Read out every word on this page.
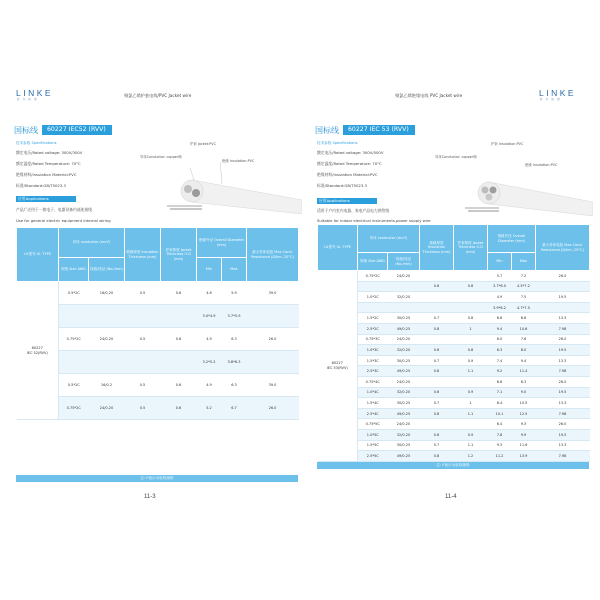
LINKE
聯 科 線 纜
聚氯乙烯护套电线/PVC Jacket wire
国标线	60227 IEC52 (RVV)
技术参数 Specifications
额定电压/Rated voltage: 300V/300V
额定温度/Rated Temperature: 70°C
绝缘材料/Insulation Material:PVC
标准/Standard:GB/T5023.3
护套 Jacket:PVC
导体Conductor: copper铜
绝缘 Insulation:PVC
应用Applications
产品广泛用于一般电子、电器设备内部连接线
Use for general electric equipment internal wiring
UL型号 UL TYPE	导体 conductor (mm²)		绝缘厚度 Insulation Thickness (mm)	护套厚度 Jacket Thickness O.D (mm)	绝缘外径 Overall Diameter (mm)		最大导体电阻 Max Cond. Resistance (Ω/km, 20°C)
	规格 Size AWG	线根/线径 (No./mm)			Min	Max	

60227
IEC 52(RVV)	0.5*2C	16/0.20	0.5	0.6	4.6	5.9	39.0
					3.0*4.9	3.7*5.9	
	0.75*2C	24/0.20	0.5	0.6	4.9	6.3	26.0
					3.2*5.2	3.8*6.3	
	0.5*2C	16/0.2	0.5	0.6	4.9	6.3	39.0
	0.75*2C	24/0.20	0.5	0.6	5.2	6.7	26.0
注: F表示为软线规格
11-3
聚氯乙烯绝缘电线 PVC Jacket wire	LINKE
聯 科 線 纜
国标线	60227 IEC 53 (RVV)
技术参数 Specifications
额定电压/Rated voltage: 300V/500V
额定温度/Rated Temperature: 70°C
绝缘材料/Insulation Material:PVC
标准/Standard:GB/T5023.3
护套 Insulation:PVC
导体Conductor: copper铜
绝缘 Insulation:PVC
应用Applications
适用于户内室内电器、家电产品电力供给线
Suitable for indoor electrical instruments,power supply wire
UL型号 UL TYPE	导体 conductor (mm²)		绝缘厚度 Insulation Thickness (mm)	护套厚度 Jacket Thickness O.D (mm)	绝缘外径 Overall Diameter (mm)		最大导体电阻 Max Cond. Resistance (Ω/km, 20°C)
	规格 Size AWG	线根/线径 (No./mm)			Min	Max	

60227
IEC 53(RVV)	0.75*2C	24/0.20			5.7	7.2	26.0
			0.6	0.8	3.7*6.0	4.5*7.2	
	1.0*2C	32/0.20			4.9	7.5	19.5
					3.9*6.2	4.7*7.5	
	1.5*2C	30/0.25	0.7	0.8	6.6	6.6	13.3
	2.5*2C	49/0.25	0.8	1	9.4	10.6	7.98
	0.75*3C	24/0.20			6.0	7.6	26.0
	1.0*3C	32/0.20	0.6	0.8	6.3	8.0	19.5
	1.5*3C	30/0.25	0.7	0.9	7.4	9.4	13.3
	2.5*3C	49/0.25	0.8	1.1	9.2	11.4	7.98
	0.75*4C	24/0.20			6.6	8.3	26.0
	1.0*4C	32/0.20	0.6	0.9	7.1	9.0	19.5
	1.5*4C	30/0.25	0.7	1	8.4	10.5	13.3
	2.5*4C	49/0.25	0.8	1.1	10.1	12.5	7.98
	0.75*5C	24/0.20			6.4	9.3	26.0
	1.0*5C	32/0.20	0.6	0.9	7.8	9.9	19.5
	1.5*5C	30/0.25	0.7	1.1	9.3	11.6	13.3
	2.5*5C	49/0.25	0.8	1.2	11.2	13.9	7.98
注: F表示为软线规格
11-4
